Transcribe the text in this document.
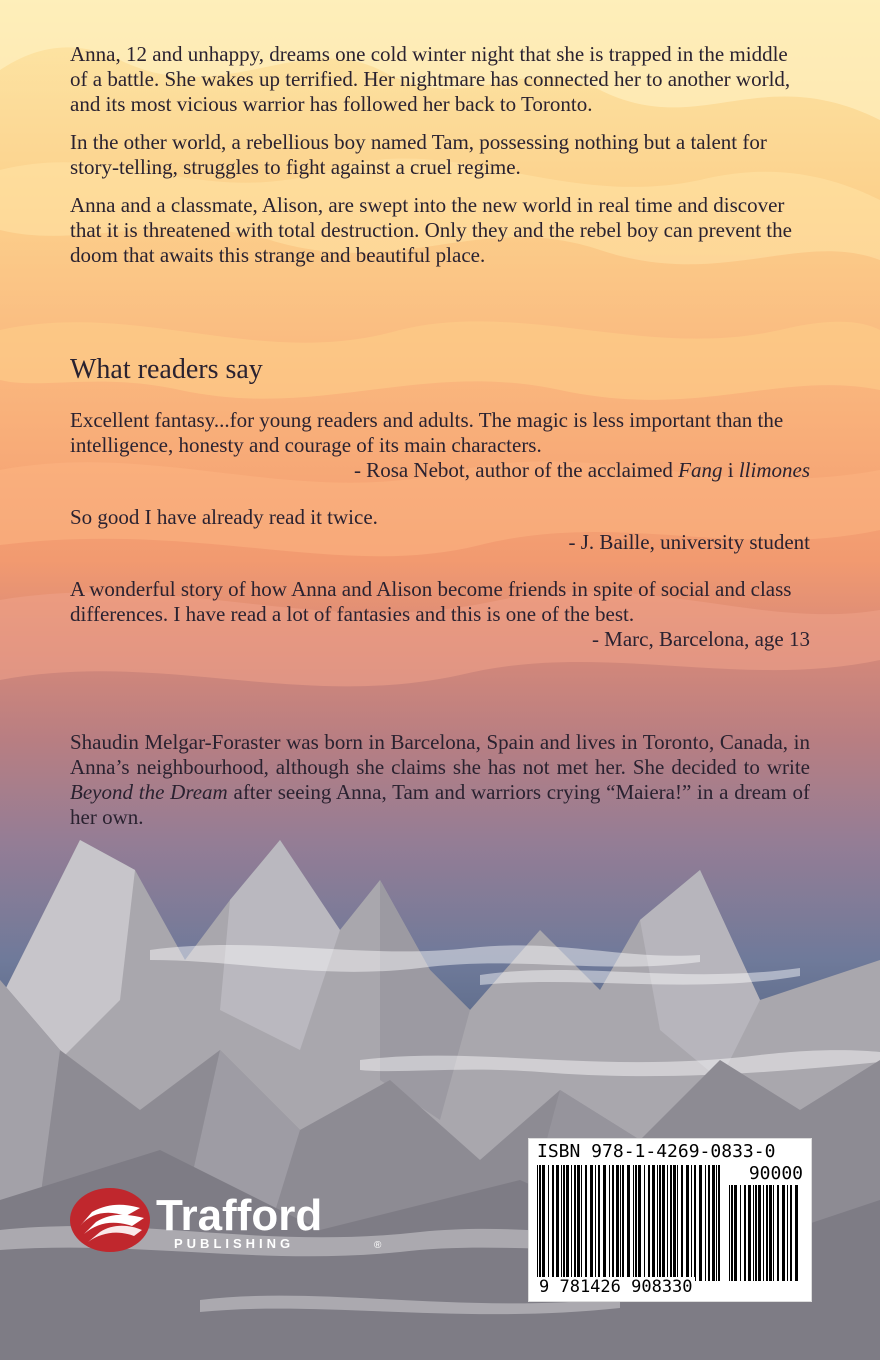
Anna, 12 and unhappy, dreams one cold winter night that she is trapped in the middle of a battle. She wakes up terrified. Her nightmare has connected her to another world, and its most vicious warrior has followed her back to Toronto.

In the other world, a rebellious boy named Tam, possessing nothing but a talent for story-telling, struggles to fight against a cruel regime.

Anna and a classmate, Alison, are swept into the new world in real time and discover that it is threatened with total destruction. Only they and the rebel boy can prevent the doom that awaits this strange and beautiful place.

What readers say

Excellent fantasy...for young readers and adults. The magic is less important than the intelligence, honesty and courage of its main characters.

- Rosa Nebot, author of the acclaimed Fang i llimones

So good I have already read it twice.

- J. Baille, university student

A wonderful story of how Anna and Alison become friends in spite of social and class differences. I have read a lot of fantasies and this is one of the best.

- Marc, Barcelona, age 13

Shaudin Melgar-Foraster was born in Barcelona, Spain and lives in Toronto, Canada, in Anna’s neighbourhood, although she claims she has not met her. She decided to write Beyond the Dream after seeing Anna, Tam and warriors crying “Maiera!” in a dream of her own.

Trafford
®
PUBLISHING
ISBN 978-1-4269-0833-0
90000
9 781426 908330
